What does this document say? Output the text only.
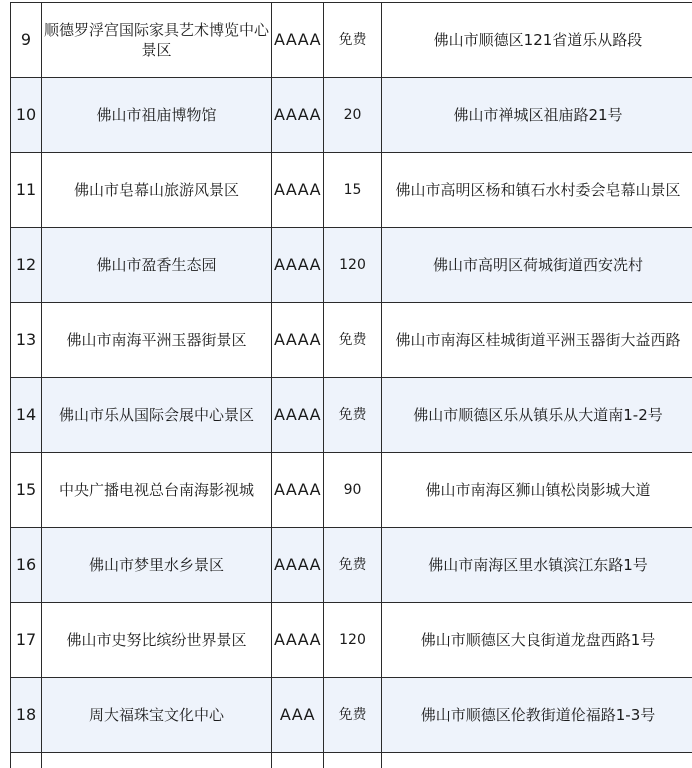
9	顺德罗浮宫国际家具艺术博览中心景区	AAAA	免费	佛山市顺德区121省道乐从路段
10	佛山市祖庙博物馆	AAAA	20	佛山市禅城区祖庙路21号
11	佛山市皂幕山旅游风景区	AAAA	15	佛山市高明区杨和镇石水村委会皂幕山景区
12	佛山市盈香生态园	AAAA	120	佛山市高明区荷城街道西安冼村
13	佛山市南海平洲玉器街景区	AAAA	免费	佛山市南海区桂城街道平洲玉器街大益西路
14	佛山市乐从国际会展中心景区	AAAA	免费	佛山市顺德区乐从镇乐从大道南1-2号
15	中央广播电视总台南海影视城	AAAA	90	佛山市南海区狮山镇松岗影城大道
16	佛山市梦里水乡景区	AAAA	免费	佛山市南海区里水镇滨江东路1号
17	佛山市史努比缤纷世界景区	AAAA	120	佛山市顺德区大良街道龙盘西路1号
18	周大福珠宝文化中心	AAA	免费	佛山市顺德区伦教街道伦福路1-3号
